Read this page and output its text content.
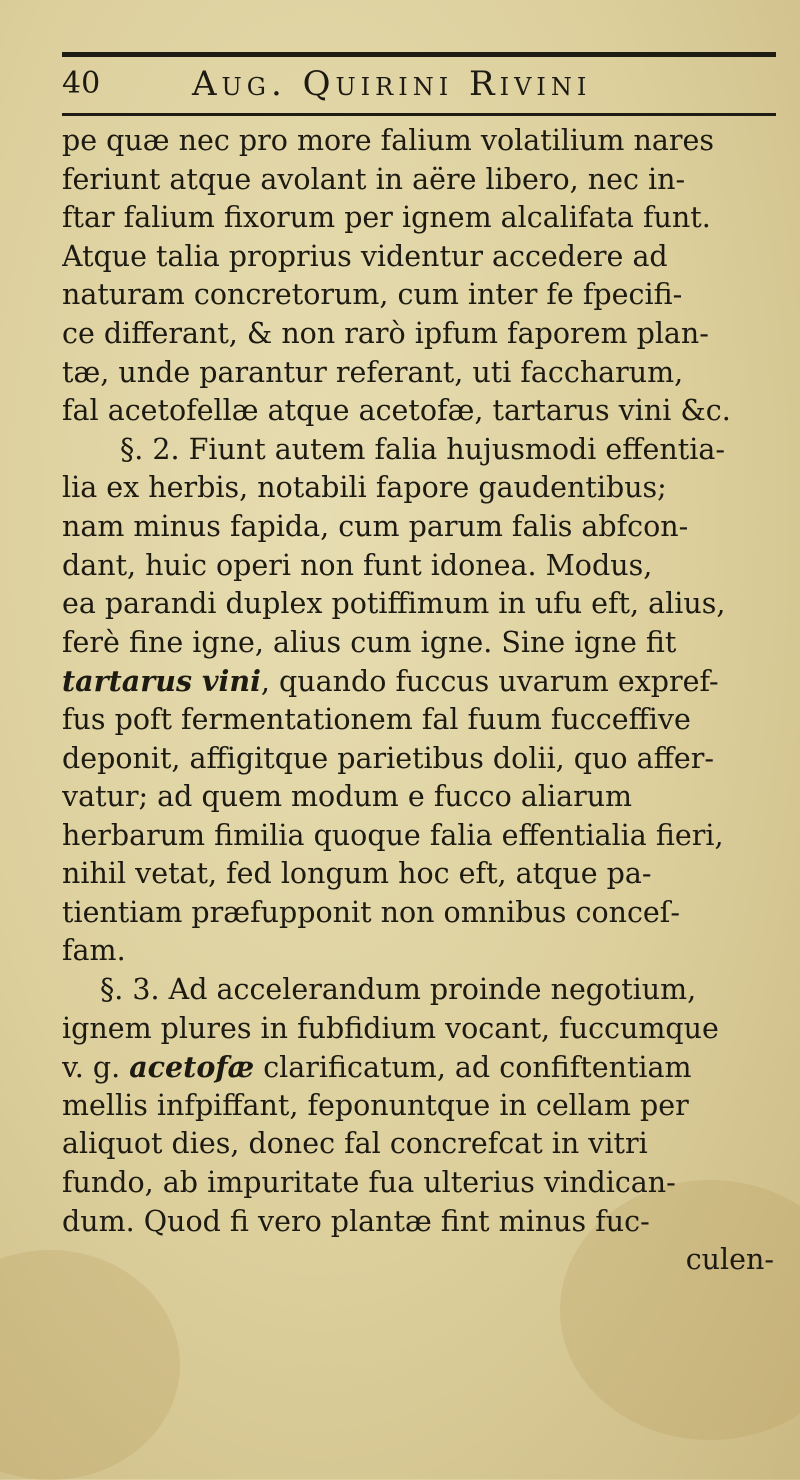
40	Aug. Quirini Rivini
pe quæ nec pro more falium volatilium nares
feriunt atque avolant in aëre libero, nec in-
ftar falium fixorum per ignem alcalifata funt.
Atque talia proprius videntur accedere ad
naturam concretorum, cum inter fe fpecifi-
ce differant, & non rarò ipfum faporem plan-
tæ, unde parantur referant, uti faccharum,
fal acetofellæ atque acetofæ, tartarus vini &c.
§. 2. Fiunt autem falia hujusmodi effentia-
lia ex herbis, notabili fapore gaudentibus;
nam minus fapida, cum parum falis abfcon-
dant, huic operi non funt idonea. Modus,
ea parandi duplex potiffimum in ufu eft, alius,
ferè fine igne, alius cum igne. Sine igne fit
tartarus vini, quando fuccus uvarum expref-
fus poft fermentationem fal fuum fucceffive
deponit, affigitque parietibus dolii, quo affer-
vatur; ad quem modum e fucco aliarum
herbarum fimilia quoque falia effentialia fieri,
nihil vetat, fed longum hoc eft, atque pa-
tientiam præfupponit non omnibus conceſ-
fam.
§. 3. Ad accelerandum proinde negotium,
ignem plures in fubfidium vocant, fuccumque
v. g. acetofæ clarificatum, ad confiftentiam
mellis infpiffant, feponuntque in cellam per
aliquot dies, donec fal concrefcat in vitri
fundo, ab impuritate fua ulterius vindican-
dum. Quod fi vero plantæ fint minus fuc-
culen-
